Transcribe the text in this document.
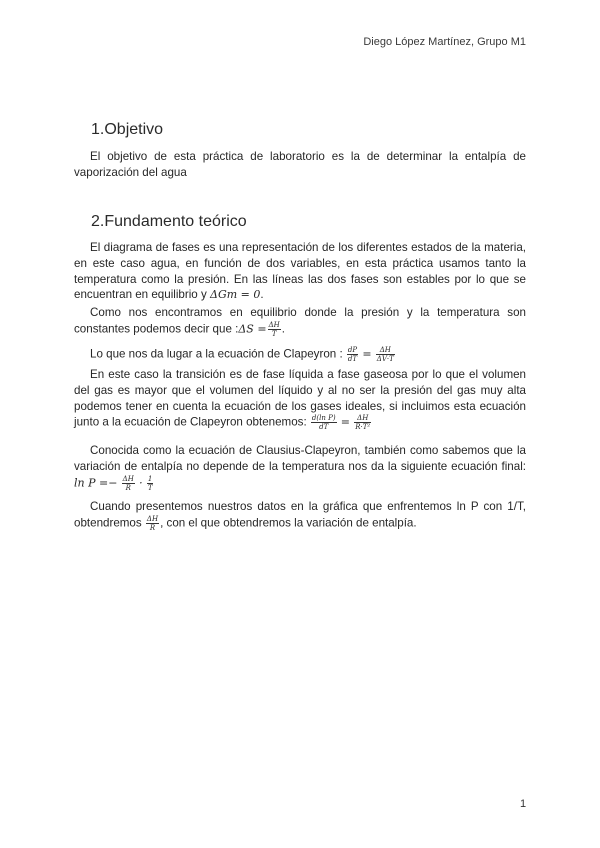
Diego López Martínez, Grupo M1
1.Objetivo

El objetivo de esta práctica de laboratorio es la de determinar la entalpía de vaporización del agua

2.Fundamento teórico

El diagrama de fases es una representación de los diferentes estados de la materia, en este caso agua, en función de dos variables, en esta práctica usamos tanto la temperatura como la presión. En las líneas las dos fases son estables por lo que se encuentran en equilibrio y ΔGm = 0.

Como nos encontramos en equilibrio donde la presión y la temperatura son constantes podemos decir que :ΔS = $\frac{\Delta H}{T}$ .

Lo que nos da lugar a la ecuación de Clapeyron : $\frac{dP}{dT} = \frac{\Delta H}{\Delta V\cdot T}$

En este caso la transición es de fase líquida a fase gaseosa por lo que el volumen del gas es mayor que el volumen del líquido y al no ser la presión del gas muy alta podemos tener en cuenta la ecuación de los gases ideales, si incluimos esta ecuación junto a la ecuación de Clapeyron obtenemos: $\frac{\text{d(ln P)}}{dT} = \frac{\Delta H}{\text{R·T²}}$

Conocida como la ecuación de Clausius-Clapeyron, también como sabemos que la variación de entalpía no depende de la temperatura nos da la siguiente ecuación final: $\ln P =- \frac{\Delta H}{R} \cdot \frac{1}{T}$

Cuando presentemos nuestros datos en la gráfica que enfrentemos ln P con 1/T, obtendremos $\frac{\Delta H}{R}$ , con el que obtendremos la variación de entalpía.

1
